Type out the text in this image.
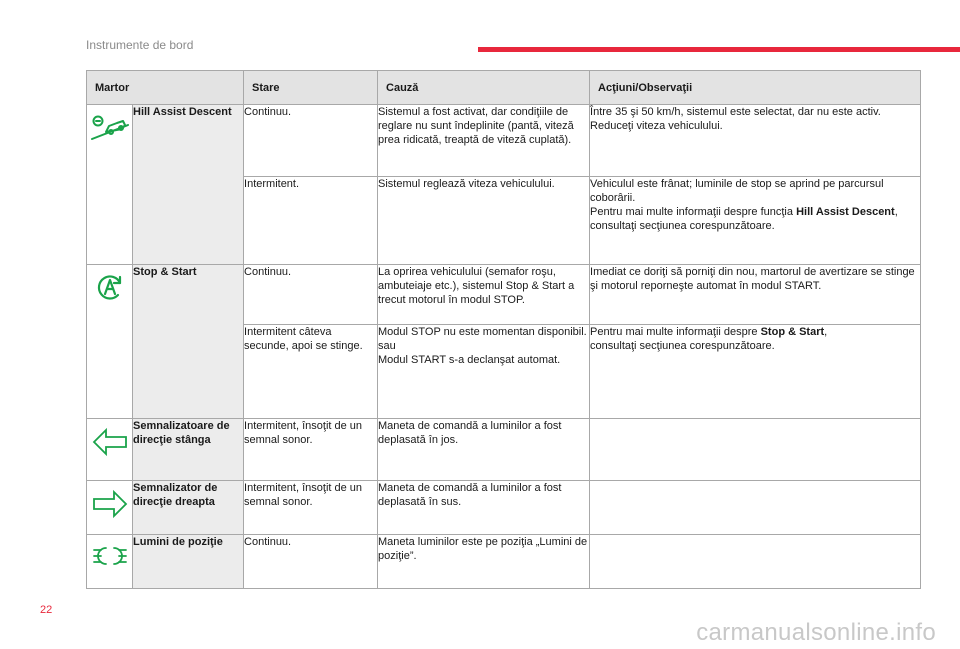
Instrumente de bord
Martor		Stare	Cauză	Acţiuni/Observaţii

	Hill Assist Descent	Continuu.	Sistemul a fost activat, dar condiţiile de reglare nu sunt îndeplinite (pantă, viteză prea ridicată, treaptă de viteză cuplată).	Între 35 şi 50 km/h, sistemul este selectat, dar nu este activ.
Reduceţi viteza vehiculului.
		Intermitent.	Sistemul reglează viteza vehiculului.	Vehiculul este frânat; luminile de stop se aprind pe parcursul coborârii.
Pentru mai multe informaţii despre funcţia Hill Assist Descent, consultaţi secţiunea corespunzătoare.

	Stop & Start	Continuu.	La oprirea vehiculului (semafor roşu, ambuteiaje etc.), sistemul Stop & Start a trecut motorul în modul STOP.	Imediat ce doriţi să porniţi din nou, martorul de avertizare se stinge şi motorul reporneşte automat în modul START.
		Intermitent câteva secunde, apoi se stinge.	Modul STOP nu este momentan disponibil.
sau
Modul START s-a declanşat automat.	Pentru mai multe informaţii despre Stop & Start,
consultaţi secţiunea corespunzătoare.

	Semnalizatoare de direcţie stânga	Intermitent, însoţit de un semnal sonor.	Maneta de comandă a luminilor a fost deplasată în jos.	

	Semnalizator de direcţie dreapta	Intermitent, însoţit de un semnal sonor.	Maneta de comandă a luminilor a fost deplasată în sus.	

	Lumini de poziţie	Continuu.	Maneta luminilor este pe poziţia „Lumini de poziţie”.	
22
carmanualsonline.info
